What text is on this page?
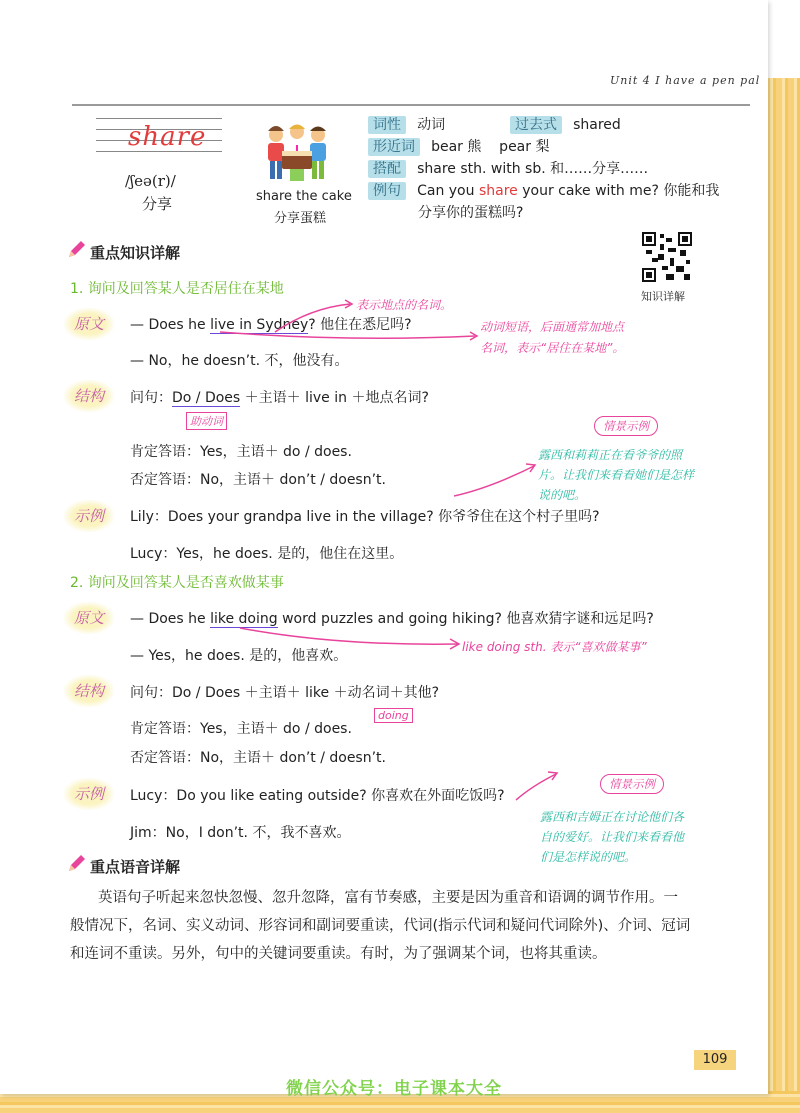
Unit 4 I have a pen pal
share
/ʃeə(r)/
分享	share the cake
分享蛋糕
词性 动词	过去式 shared
形近词 bear 熊    pear 梨
搭配 share sth. with sb. 和……分享……
例句 Can you share your cake with me? 你能和我
分享你的蛋糕吗?
知识详解
重点知识详解
1. 询问及回答某人是否居住在某地
原文	— Does he live in Sydney? 他住在悉尼吗?
— No，he doesn’t. 不，他没有。
表示地点的名词。
动词短语，后面通常加地点
名词，表示“居住在某地”。
结构	问句：Do / Does ＋主语＋ live in ＋地点名词?
助动词
肯定答语：Yes，主语＋ do / does.
否定答语：No，主语＋ don’t / doesn’t.
情景示例
露西和莉莉正在看爷爷的照
片。让我们来看看她们是怎样
说的吧。
示例	Lily：Does your grandpa live in the village? 你爷爷住在这个村子里吗?
Lucy：Yes，he does. 是的，他住在这里。
2. 询问及回答某人是否喜欢做某事
原文	— Does he like doing word puzzles and going hiking? 他喜欢猜字谜和远足吗?
— Yes，he does. 是的，他喜欢。
like doing sth. 表示“喜欢做某事”
结构	问句：Do / Does ＋主语＋ like ＋动名词＋其他?
doing
肯定答语：Yes，主语＋ do / does.
否定答语：No，主语＋ don’t / doesn’t.
情景示例
露西和吉姆正在讨论他们各
自的爱好。让我们来看看他
们是怎样说的吧。
示例	Lucy：Do you like eating outside? 你喜欢在外面吃饭吗?
Jim：No，I don’t. 不，我不喜欢。
重点语音详解
英语句子听起来忽快忽慢、忽升忽降，富有节奏感，主要是因为重音和语调的调节作用。一
般情况下，名词、实义动词、形容词和副词要重读，代词(指示代词和疑问代词除外)、介词、冠词
和连词不重读。另外，句中的关键词要重读。有时，为了强调某个词，也将其重读。
109
微信公众号：电子课本大全
